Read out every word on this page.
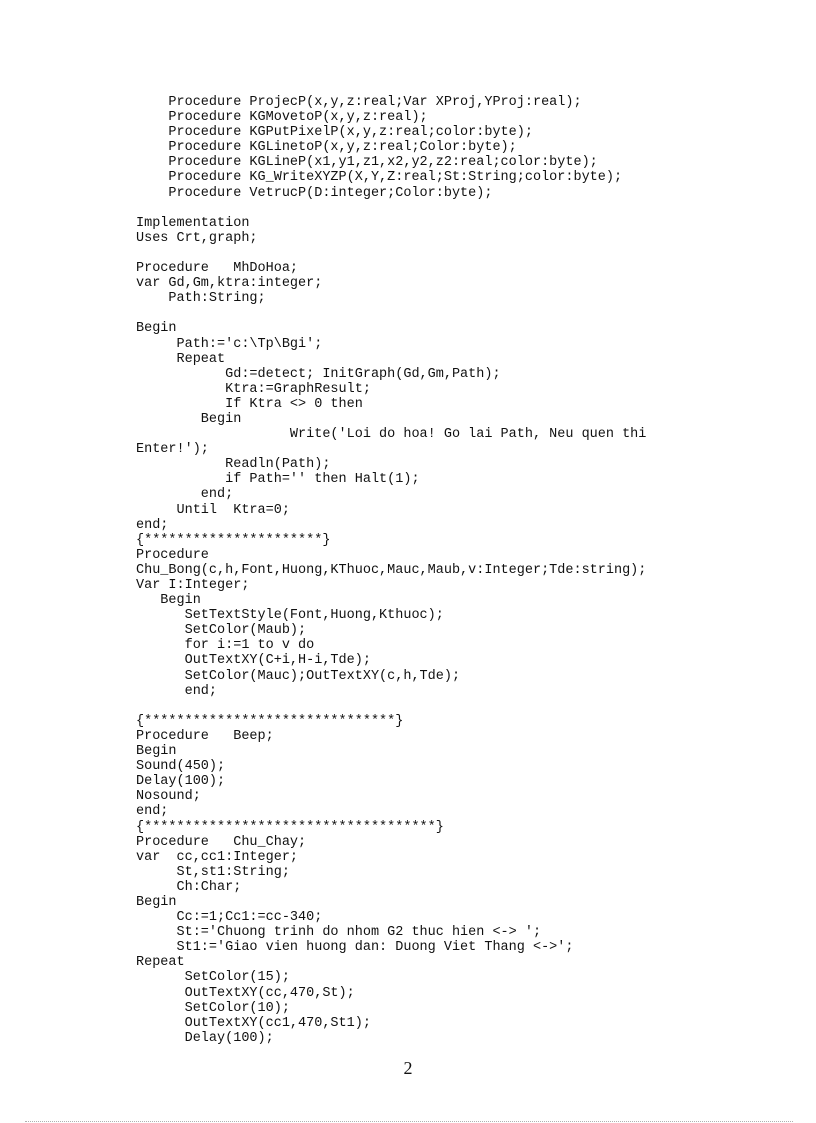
Procedure ProjecP(x,y,z:real;Var XProj,YProj:real);
Procedure KGMovetoP(x,y,z:real);
Procedure KGPutPixelP(x,y,z:real;color:byte);
Procedure KGLinetoP(x,y,z:real;Color:byte);
Procedure KGLineP(x1,y1,z1,x2,y2,z2:real;color:byte);
Procedure KG_WriteXYZP(X,Y,Z:real;St:String;color:byte);
Procedure VetrucP(D:integer;Color:byte);

Implementation
Uses Crt,graph;

Procedure   MhDoHoa;
var Gd,Gm,ktra:integer;
Path:String;

Begin
Path:='c:\Tp\Bgi';
Repeat
Gd:=detect; InitGraph(Gd,Gm,Path);
Ktra:=GraphResult;
If Ktra <> 0 then
Begin
Write('Loi do hoa! Go lai Path, Neu quen thi
Enter!');
Readln(Path);
if Path='' then Halt(1);
end;
Until  Ktra=0;
end;
{**********************}
Procedure
Chu_Bong(c,h,Font,Huong,KThuoc,Mauc,Maub,v:Integer;Tde:string);
Var I:Integer;
Begin
SetTextStyle(Font,Huong,Kthuoc);
SetColor(Maub);
for i:=1 to v do
OutTextXY(C+i,H-i,Tde);
SetColor(Mauc);OutTextXY(c,h,Tde);
end;

{*******************************}
Procedure   Beep;
Begin
Sound(450);
Delay(100);
Nosound;
end;
{************************************}
Procedure   Chu_Chay;
var  cc,cc1:Integer;
St,st1:String;
Ch:Char;
Begin
Cc:=1;Cc1:=cc-340;
St:='Chuong trinh do nhom G2 thuc hien <-> ';
St1:='Giao vien huong dan: Duong Viet Thang <->';
Repeat
SetColor(15);
OutTextXY(cc,470,St);
SetColor(10);
OutTextXY(cc1,470,St1);
Delay(100);
2
